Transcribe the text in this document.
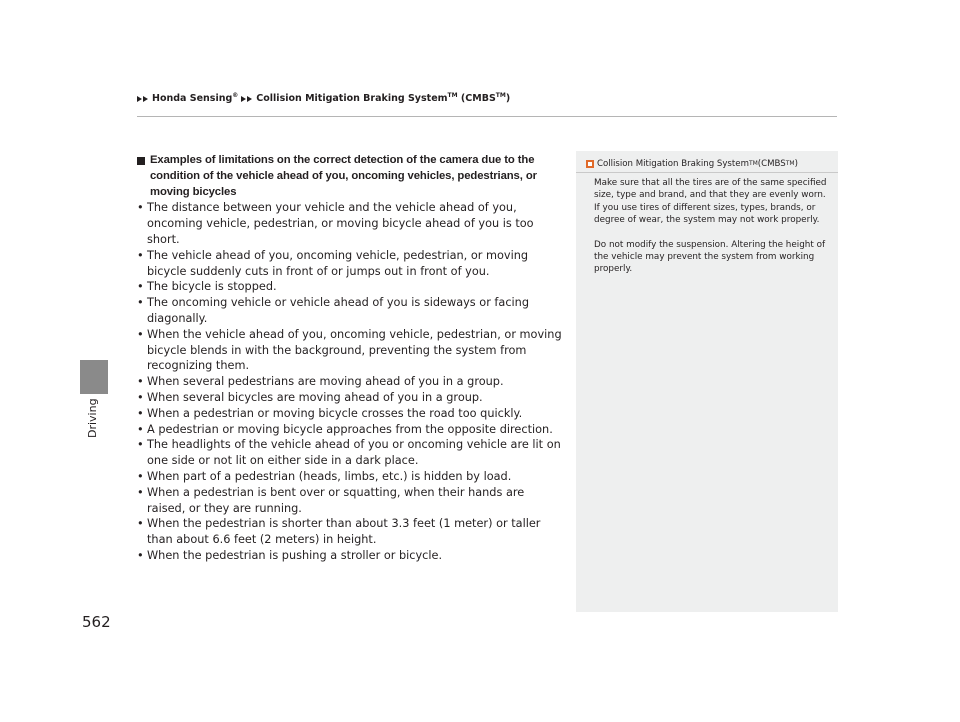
Honda Sensing® Collision Mitigation Braking System™ (CMBS™)
Driving
Examples of limitations on the correct detection of the camera due to the condition of the vehicle ahead of you, oncoming vehicles, pedestrians, or moving bicycles
• The distance between your vehicle and the vehicle ahead of you, oncoming vehicle, pedestrian, or moving bicycle ahead of you is too short.
• The vehicle ahead of you, oncoming vehicle, pedestrian, or moving bicycle suddenly cuts in front of or jumps out in front of you.
• The bicycle is stopped.
• The oncoming vehicle or vehicle ahead of you is sideways or facing diagonally.
• When the vehicle ahead of you, oncoming vehicle, pedestrian, or moving bicycle blends in with the background, preventing the system from recognizing them.
• When several pedestrians are moving ahead of you in a group.
• When several bicycles are moving ahead of you in a group.
• When a pedestrian or moving bicycle crosses the road too quickly.
• A pedestrian or moving bicycle approaches from the opposite direction.
• The headlights of the vehicle ahead of you or oncoming vehicle are lit on one side or not lit on either side in a dark place.
• When part of a pedestrian (heads, limbs, etc.) is hidden by load.
• When a pedestrian is bent over or squatting, when their hands are raised, or they are running.
• When the pedestrian is shorter than about 3.3 feet (1 meter) or taller than about 6.6 feet (2 meters) in height.
• When the pedestrian is pushing a stroller or bicycle.
Collision Mitigation Braking System TM (CMBS TM )

Make sure that all the tires are of the same specified size, type and brand, and that they are evenly worn. If you use tires of different sizes, types, brands, or degree of wear, the system may not work properly.

Do not modify the suspension. Altering the height of the vehicle may prevent the system from working properly.

562
